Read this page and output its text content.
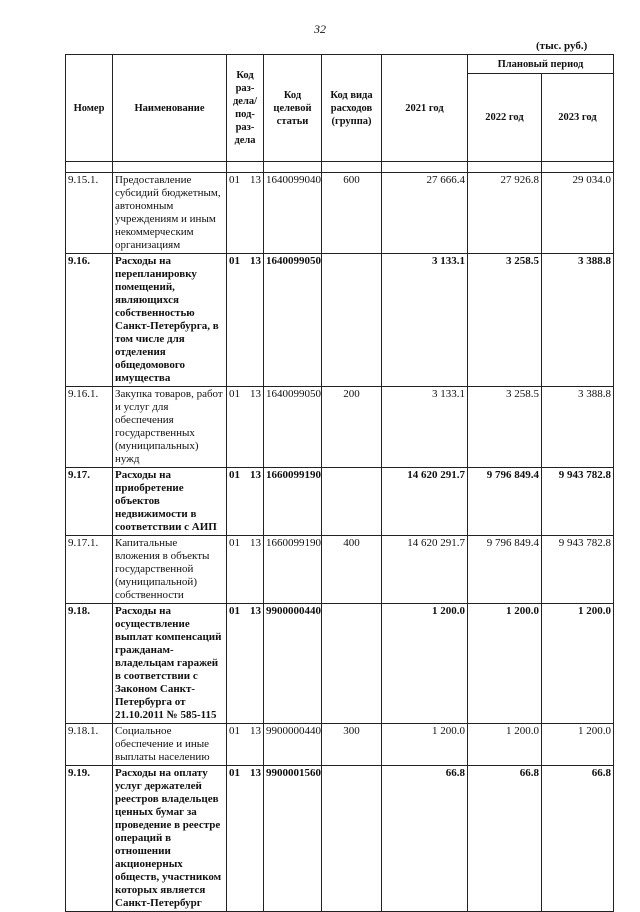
32
(тыс. руб.)
Номер	Наименование	Код раз-дела/ под-раз-дела	Код целевой статьи	Код вида расходов (группа)	2021 год	Плановый период	
						2022 год	2023 год

9.15.1.	Предоставление субсидий бюджетным, автономным учреждениям и иным некоммерческим организациям	01 13	1640099040	600	27 666.4	27 926.8	29 034.0
9.16.	Расходы на перепланировку помещений, являющихся собственностью Санкт-Петербурга, в том числе для отделения общедомового имущества	01 13	1640099050		3 133.1	3 258.5	3 388.8
9.16.1.	Закупка товаров, работ и услуг для обеспечения государственных (муниципальных) нужд	01 13	1640099050	200	3 133.1	3 258.5	3 388.8
9.17.	Расходы на приобретение объектов недвижимости в соответствии с АИП	01 13	1660099190		14 620 291.7	9 796 849.4	9 943 782.8
9.17.1.	Капитальные вложения в объекты государственной (муниципальной) собственности	01 13	1660099190	400	14 620 291.7	9 796 849.4	9 943 782.8
9.18.	Расходы на осуществление выплат компенсаций гражданам-владельцам гаражей в соответствии с Законом Санкт-Петербурга от 21.10.2011 № 585-115	01 13	9900000440		1 200.0	1 200.0	1 200.0
9.18.1.	Социальное обеспечение и иные выплаты населению	01 13	9900000440	300	1 200.0	1 200.0	1 200.0
9.19.	Расходы на оплату услуг держателей реестров владельцев ценных бумаг за проведение в реестре операций в отношении акционерных обществ, участником которых является Санкт-Петербург	01 13	9900001560		66.8	66.8	66.8
